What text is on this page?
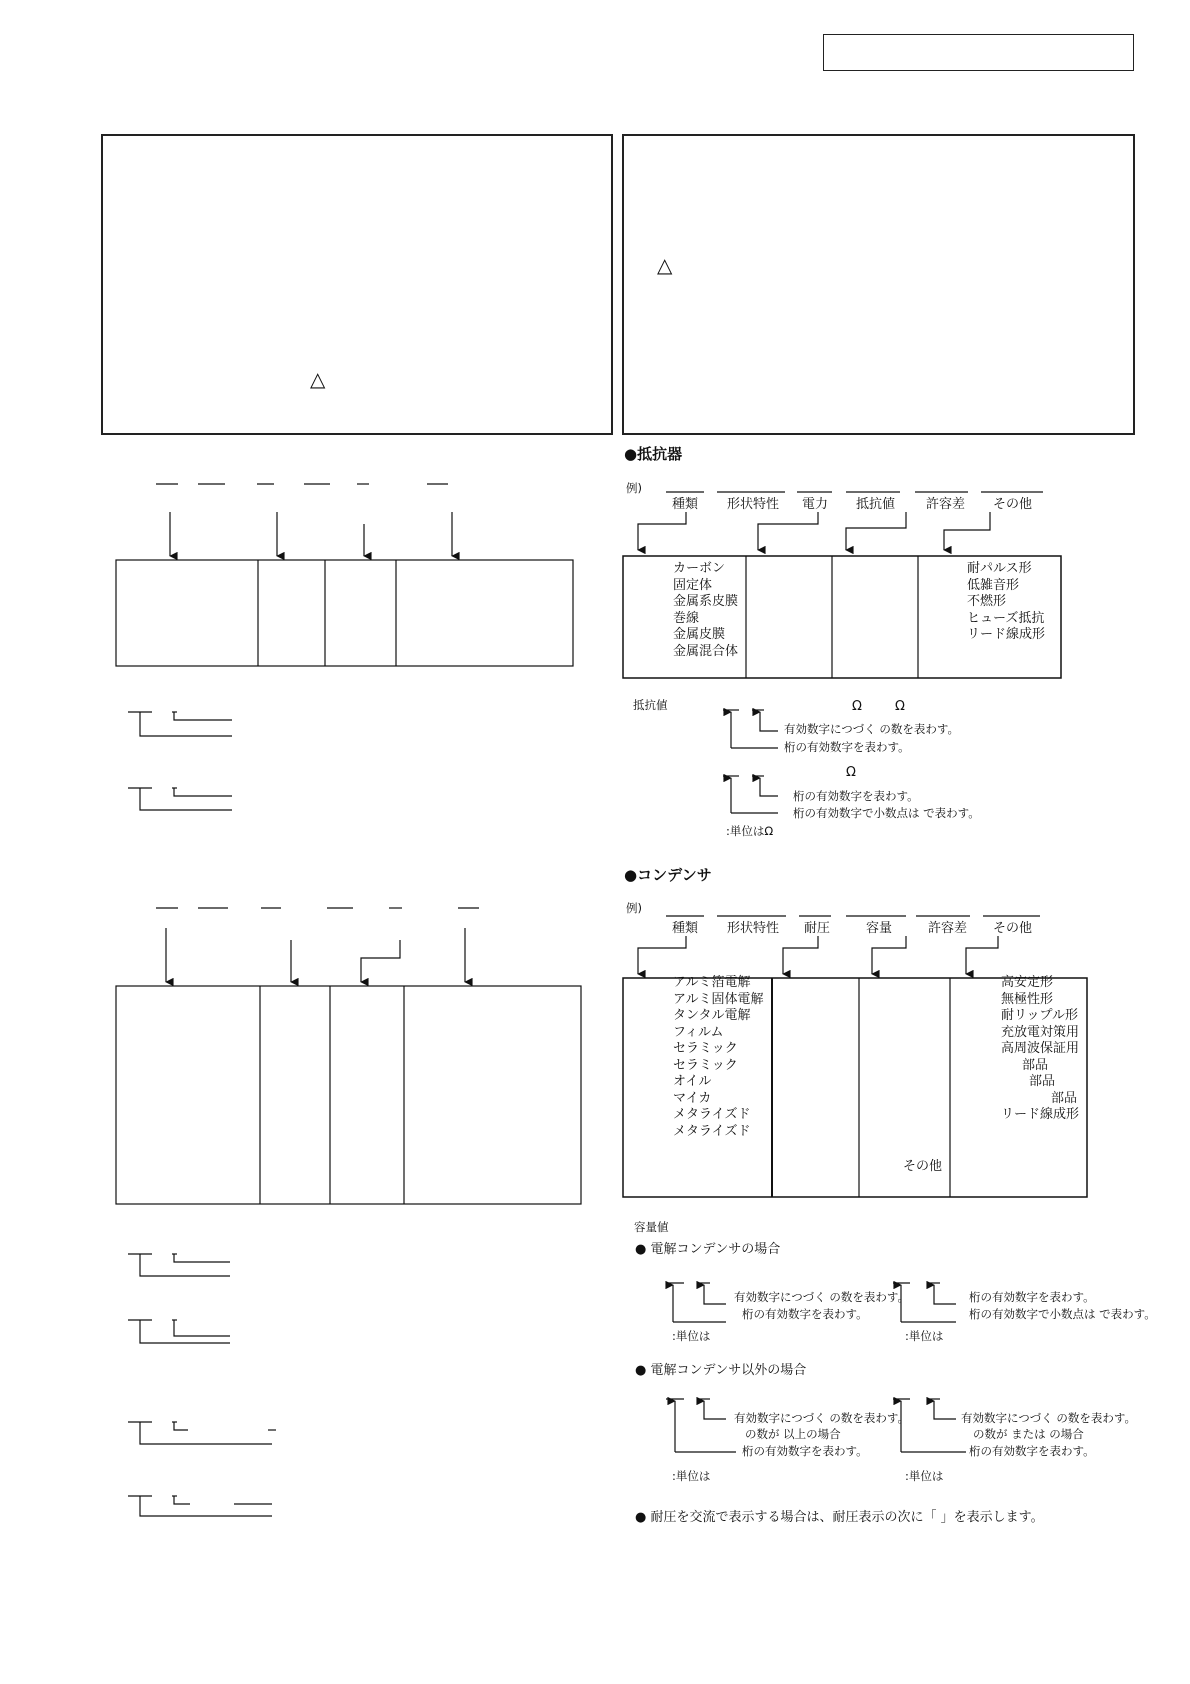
△
△
●抵抗器
例)
種類 形状特性 電力 抵抗値 許容差 その他
カーボン
固定体
金属系皮膜
巻線
金属皮膜
金属混合体
耐パルス形
低雑音形
不燃形
ヒューズ抵抗
リード線成形
抵抗値	Ω	Ω
有効数字につづく の数を表わす。
桁の有効数字を表わす。
Ω
桁の有効数字を表わす。
桁の有効数字で小数点は で表わす。
:単位はΩ
●コンデンサ
例)
種類 形状特性 耐圧	容量	許容差 その他
アルミ箔電解
アルミ固体電解
タンタル電解
フィルム
セラミック
セラミック
オイル
マイカ
メタライズド
メタライズド
その他
高安定形
無極性形
耐リップル形
充放電対策用
高周波保証用
部品
部品
部品
リード線成形
容量値
● 電解コンデンサの場合
有効数字につづく の数を表わす。
桁の有効数字を表わす。
桁の有効数字を表わす。
桁の有効数字で小数点は で表わす。
:単位は	:単位は
● 電解コンデンサ以外の場合
有効数字につづく の数を表わす。
の数が 以上の場合
桁の有効数字を表わす。
有効数字につづく の数を表わす。
の数が または の場合
桁の有効数字を表わす。
:単位は	:単位は
● 耐圧を交流で表示する場合は、耐圧表示の次に「 」を表示します。
